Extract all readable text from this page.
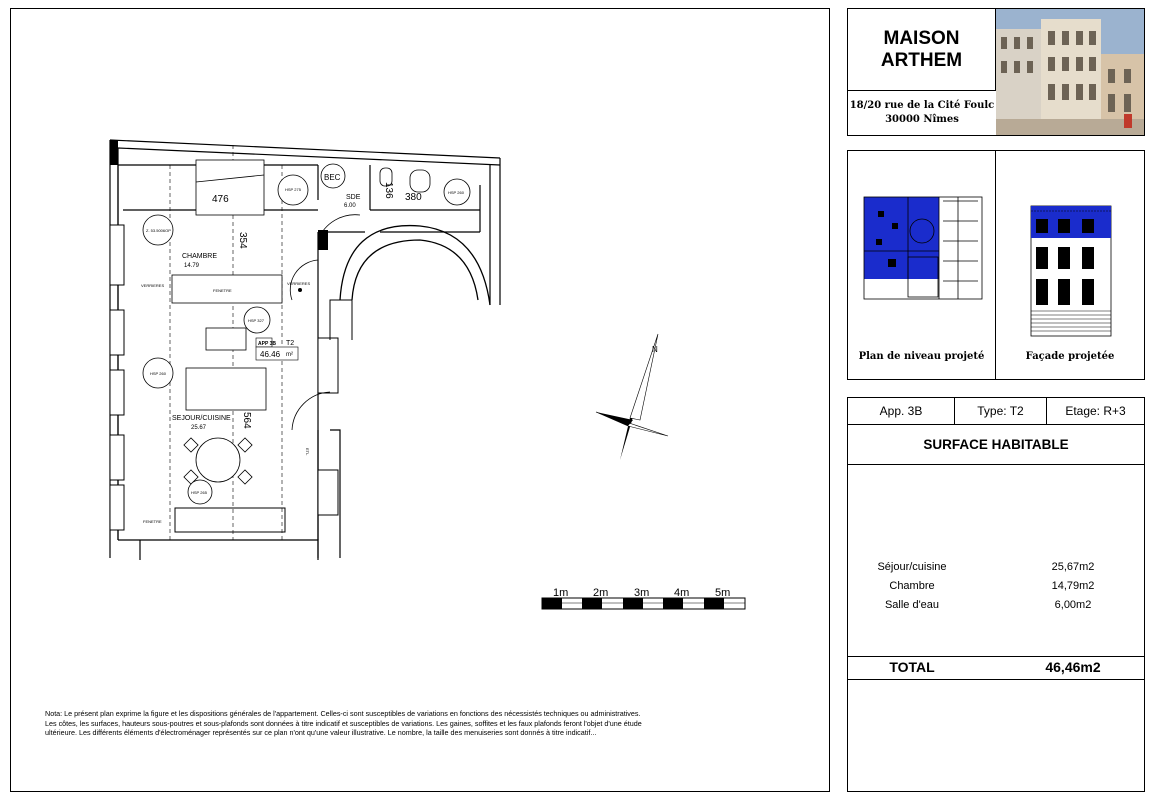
476
354
136 380
564
BEC
SDE
6.00
CHAMBRE
14.79
SEJOUR/CUISINE
25.67
APP 3B T2
46.46 m²
VERRIERES	VERRIERES
FENETRE
FENETRE
HSP 275
Z. 53.5006OP
HSP 327
HSP 260
HSP 265
HSP 260
ETL
N
1m 2m 3m 4m 5m
Nota: Le présent plan exprime la figure et les dispositions générales de l'appartement. Celles-ci sont susceptibles de variations en fonctions des nécessistés techniques ou administratives.
Les côtes, les surfaces, hauteurs sous-poutres et sous-plafonds sont données à titre indicatif et susceptibles de variations. Les gaines, soffites et les faux plafonds feront l'objet d'une étude
ultérieure. Les différents éléments d'électroménager représentés sur ce plan n'ont qu'une valeur illustrative. Le nombre, la taille des menuiseries sont donnés à titre indicatif...
MAISON
ARTHEM
18/20 rue de la Cité Foulc
30000 Nîmes
Plan de niveau projeté	Façade projetée
App. 3B	Type: T2	Etage: R+3
SURFACE HABITABLE
Séjour/cuisine	25,67m2
Chambre	14,79m2
Salle d'eau	6,00m2
TOTAL	46,46m2
